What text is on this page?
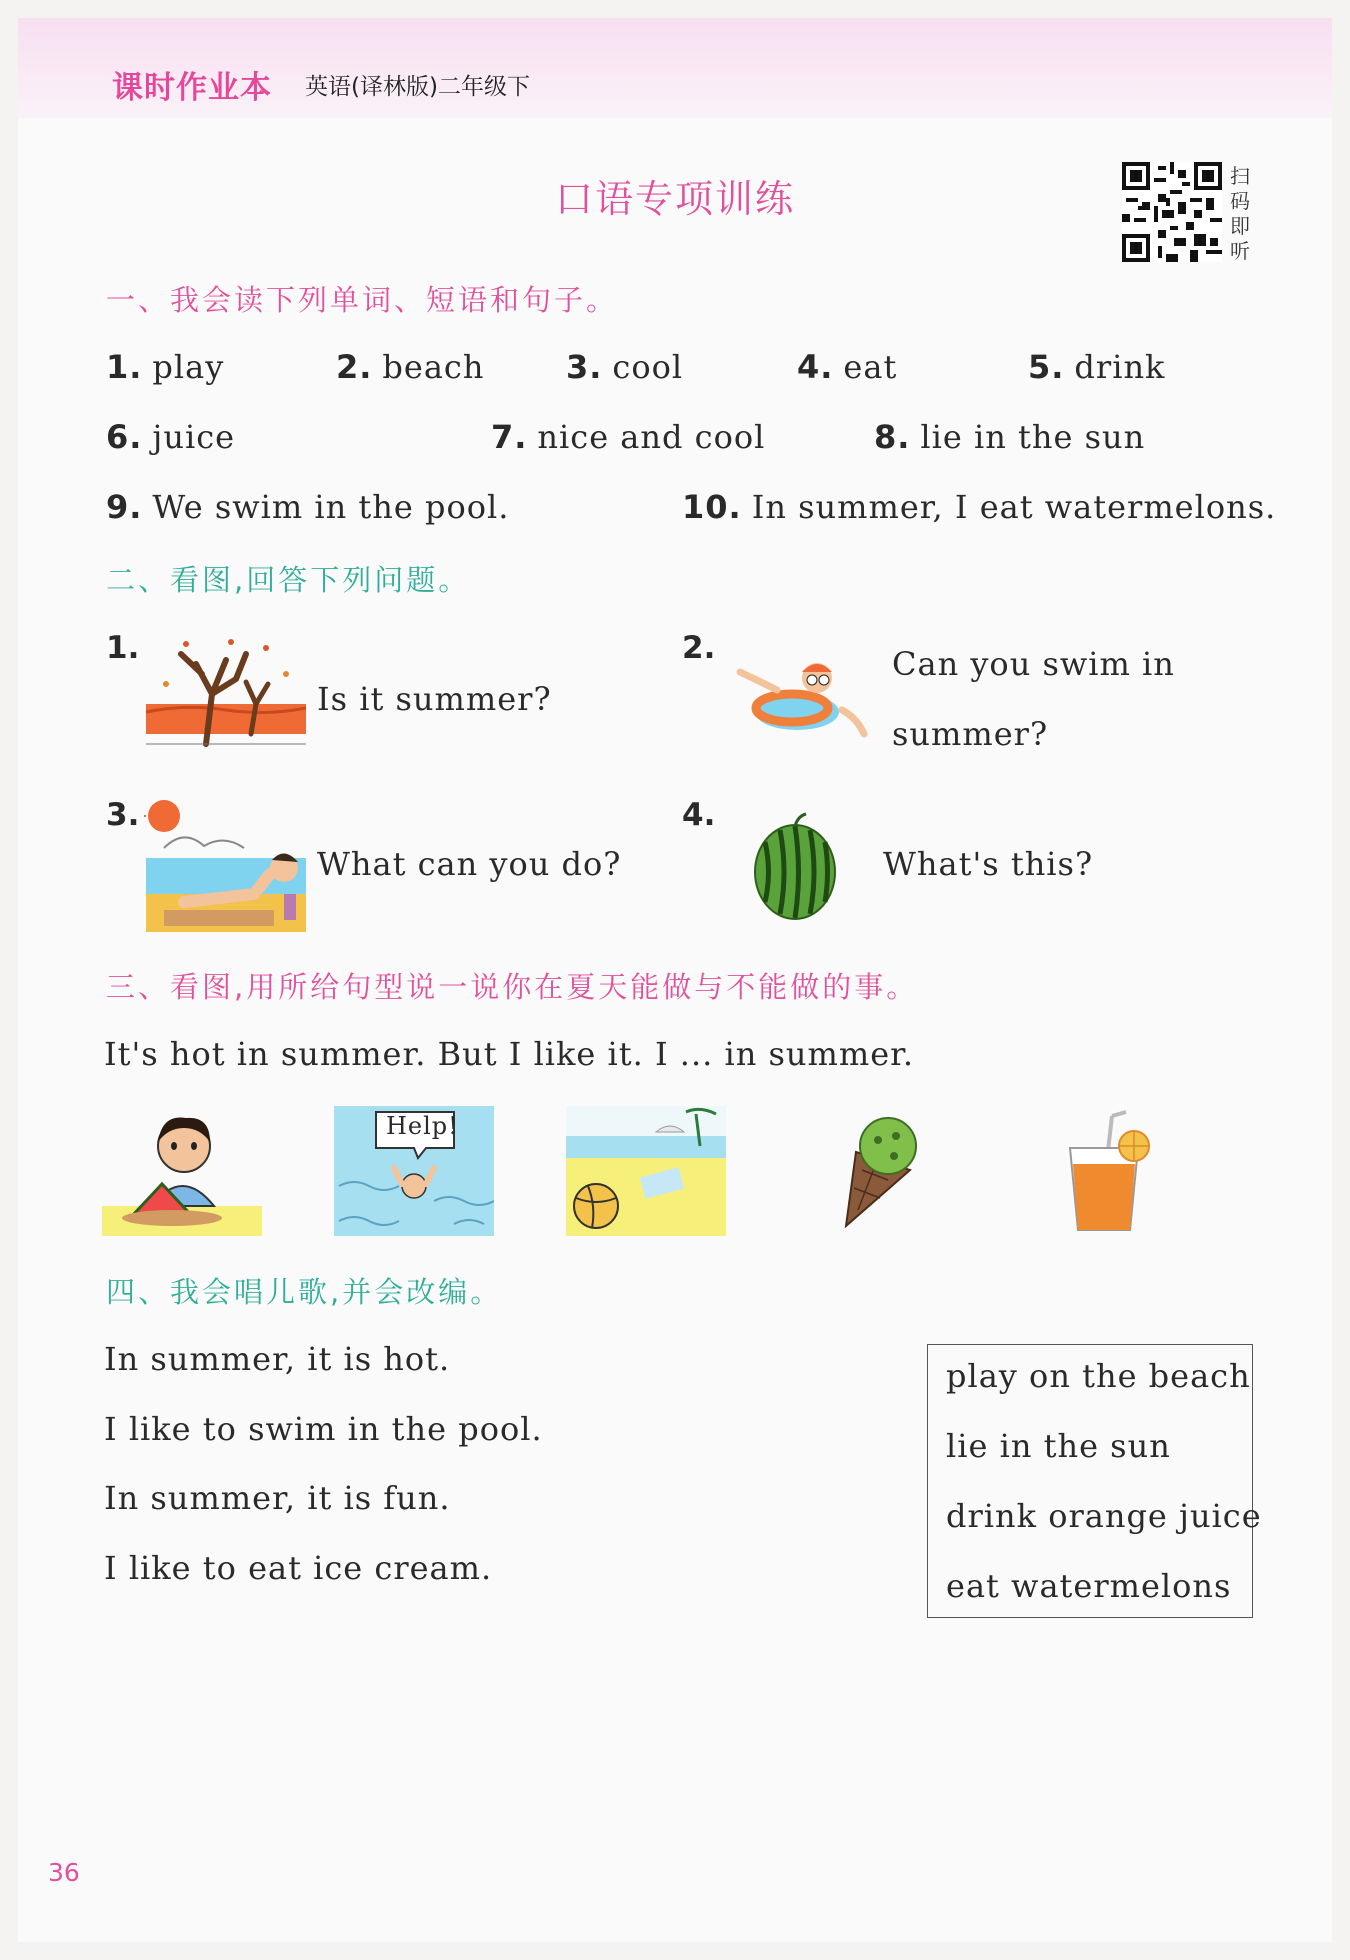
课时作业本 英语(译林版)二年级下
口语专项训练
扫
码
即
听
一、我会读下列单词、短语和句子。
1. play	2. beach	3. cool	4. eat	5. drink
6. juice	7. nice and cool	8. lie in the sun
9. We swim in the pool.	10. In summer, I eat watermelons.
二、看图,回答下列问题。
1.
Is it summer?
2.	Can you swim in
summer?
3.
What can you do?
4.
What's this?
三、看图,用所给句型说一说你在夏天能做与不能做的事。
It's hot in summer. But I like it. I ... in summer.
Help!
四、我会唱儿歌,并会改编。
In summer, it is hot.
I like to swim in the pool.
In summer, it is fun.
I like to eat ice cream.
play on the beach
lie in the sun
drink orange juice
eat watermelons
36
